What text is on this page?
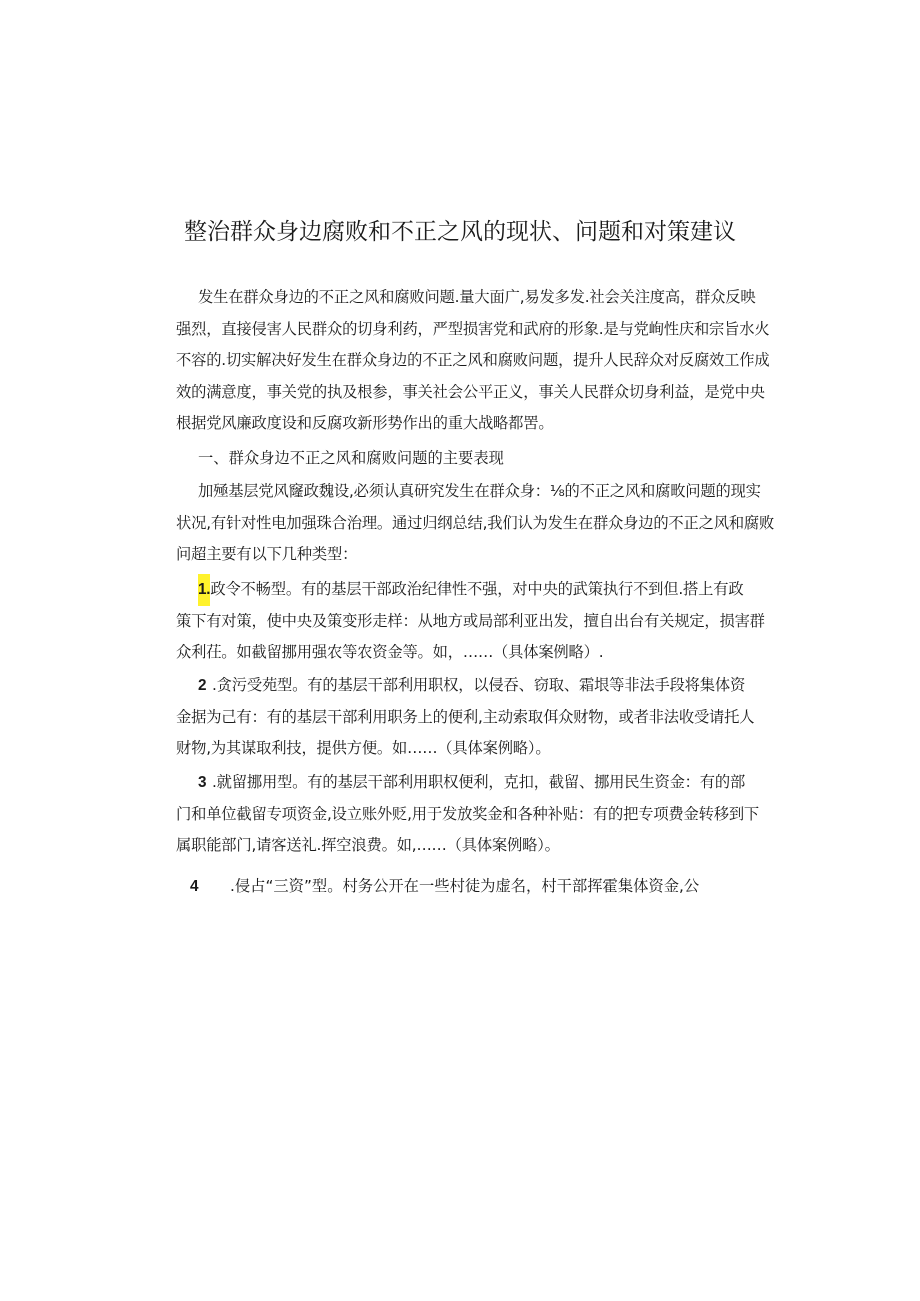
整治群众身边腐败和不正之风的现状、问题和对策建议
发生在群众身边的不正之风和腐败问题.量大面广,易发多发.社会关注度高，群众反映
强烈，直接侵害人民群众的切身利药，严型损害党和武府的形象.是与党峋性庆和宗旨水火
不容的.切实解决好发生在群众身边的不正之风和腐败问题，提升人民辞众对反腐效工作成
效的满意度，事关党的执及根参，事关社会公平正义，事关人民群众切身利益，是党中央
根据党风廉政度设和反腐攻新形势作出的重大战略都罟。
一、群众身边不正之风和腐败问题的主要表现
加殛基层党风窿政魏设,必须认真研究发生在群众身：⅛的不正之风和腐畋问题的现实
状况,有针对性电加强珠合治理。通过归纲总结,我们认为发生在群众身边的不正之风和腐败
问超主要有以下几种类型：
1.政令不畅型。有的基层干部政治纪律性不强，对中央的武策执行不到但.搭上有政
策下有对策，使中央及策变形走样：从地方或局部利亚出发，擅自出台有关规定，损害群
众利茌。如截留挪用强农等农资金等。如，……（具体案例略）.
2 .贪污受苑型。有的基层干部利用职权，以侵吞、窃取、霜垠等非法手段将集体资
金据为己有：有的基层干部利用职务上的便利,主动索取佴众财物，或者非法收受请托人
财物,为其谋取利技，提供方便。如……（具体案例略）。
3 .就留挪用型。有的基层干部利用职权便利，克扣，截留、挪用民生资金：有的部
门和单位截留专项资金,设立账外贬,用于发放奖金和各种补贴：有的把专项费金转移到下
属职能部门,请客送礼.挥空浪费。如,……（具体案例略）。
4 .侵占“三资”型。村务公开在一些村徒为虚名，村干部挥霍集体资金,公
